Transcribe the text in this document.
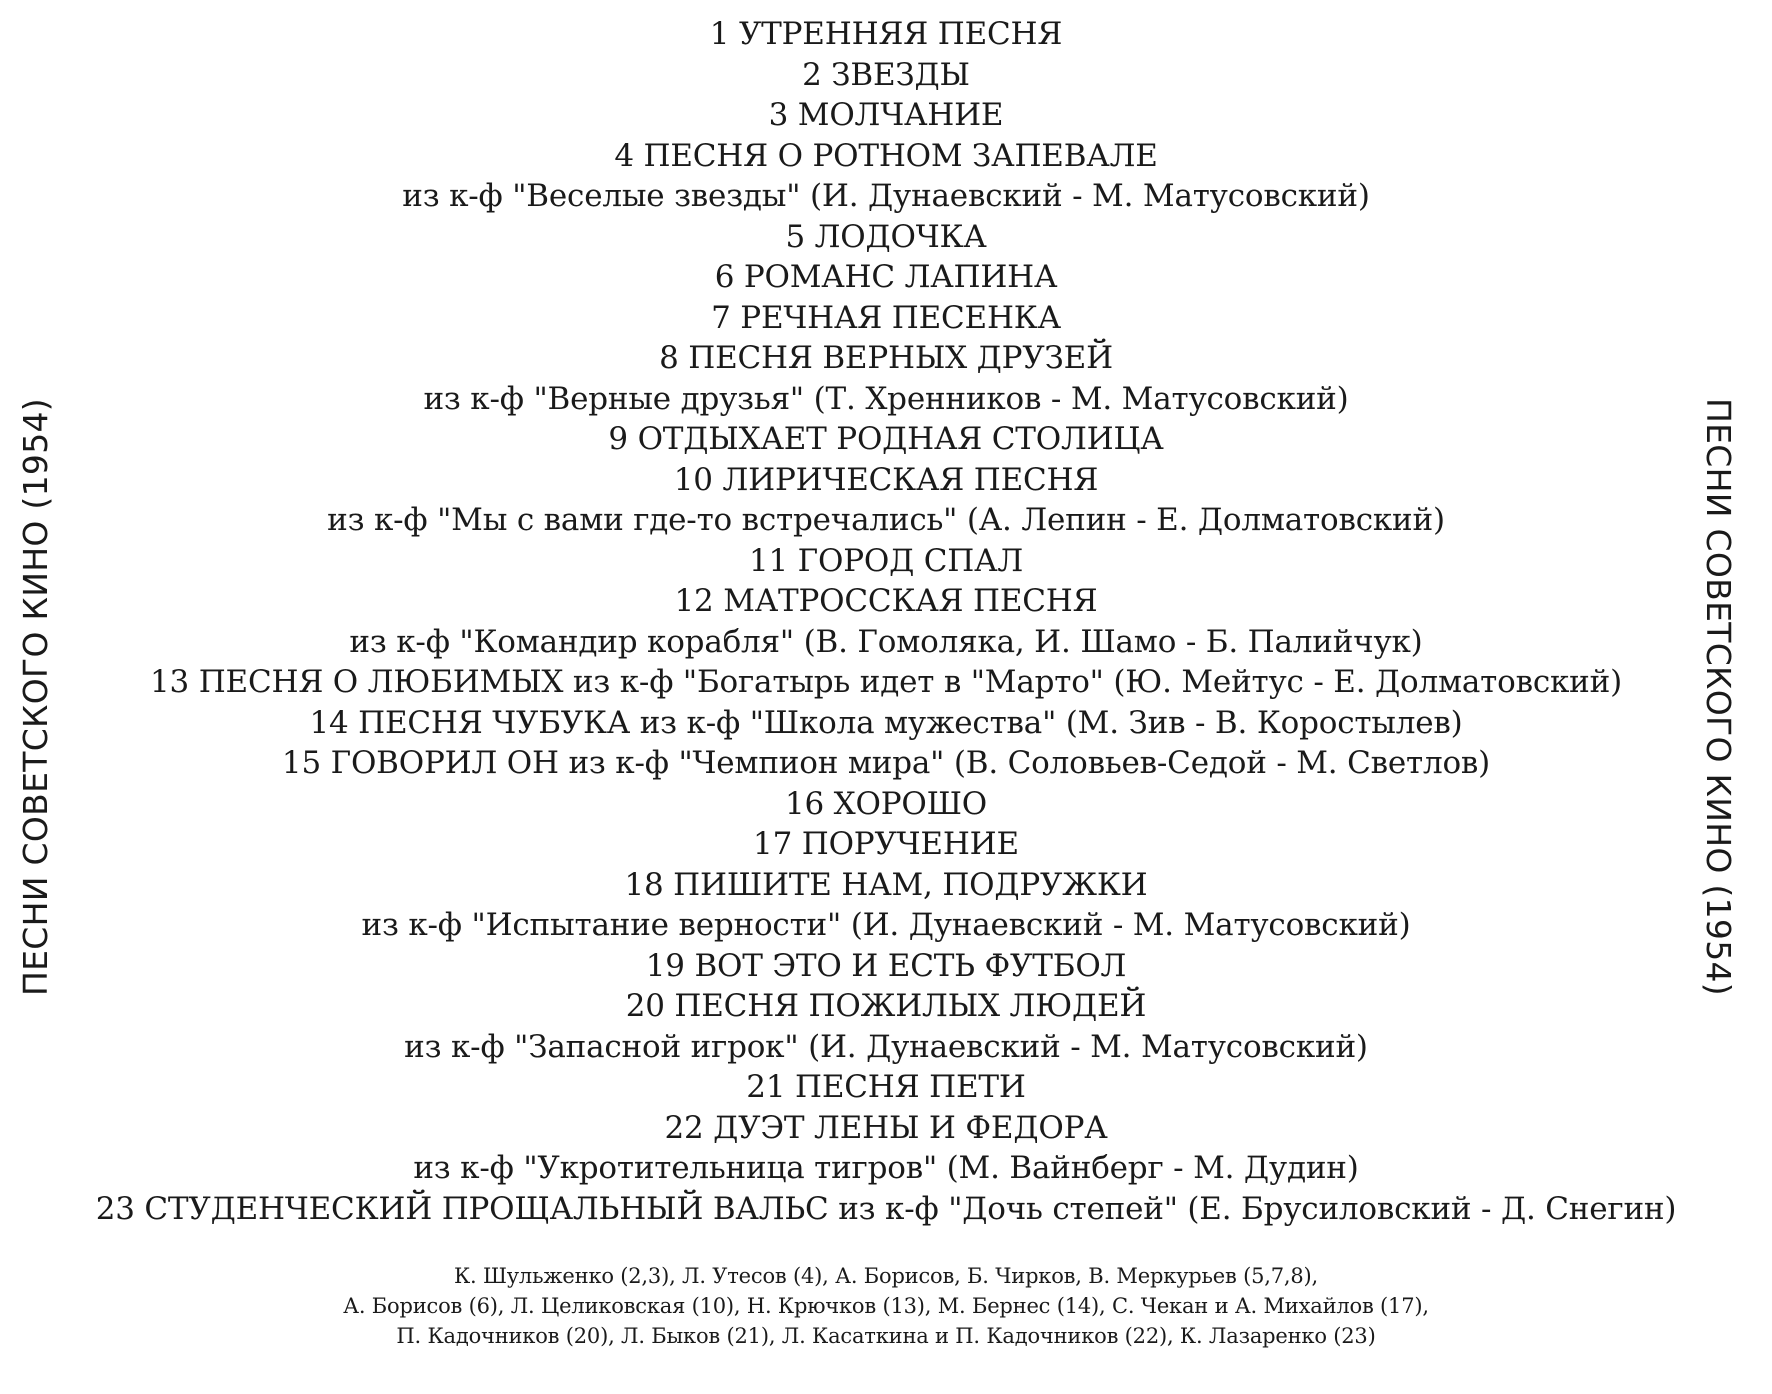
ПЕСНИ СОВЕТСКОГО КИНО (1954)	ПЕСНИ СОВЕТСКОГО КИНО (1954)
1 УТРЕННЯЯ ПЕСНЯ
2 ЗВЕЗДЫ
3 МОЛЧАНИЕ
4 ПЕСНЯ О РОТНОМ ЗАПЕВАЛЕ
из к-ф "Веселые звезды" (И. Дунаевский - М. Матусовский)
5 ЛОДОЧКА
6 РОМАНС ЛАПИНА
7 РЕЧНАЯ ПЕСЕНКА
8 ПЕСНЯ ВЕРНЫХ ДРУЗЕЙ
из к-ф "Верные друзья" (Т. Хренников - М. Матусовский)
9 ОТДЫХАЕТ РОДНАЯ СТОЛИЦА
10 ЛИРИЧЕСКАЯ ПЕСНЯ
из к-ф "Мы с вами где-то встречались" (А. Лепин - Е. Долматовский)
11 ГОРОД СПАЛ
12 МАТРОССКАЯ ПЕСНЯ
из к-ф "Командир корабля" (В. Гомоляка, И. Шамо - Б. Палийчук)
13 ПЕСНЯ О ЛЮБИМЫХ из к-ф "Богатырь идет в "Марто" (Ю. Мейтус - Е. Долматовский)
14 ПЕСНЯ ЧУБУКА из к-ф "Школа мужества" (М. Зив - В. Коростылев)
15 ГОВОРИЛ ОН из к-ф "Чемпион мира" (В. Соловьев-Седой - М. Светлов)
16 ХОРОШО
17 ПОРУЧЕНИЕ
18 ПИШИТЕ НАМ, ПОДРУЖКИ
из к-ф "Испытание верности" (И. Дунаевский - М. Матусовский)
19 ВОТ ЭТО И ЕСТЬ ФУТБОЛ
20 ПЕСНЯ ПОЖИЛЫХ ЛЮДЕЙ
из к-ф "Запасной игрок" (И. Дунаевский - М. Матусовский)
21 ПЕСНЯ ПЕТИ
22 ДУЭТ ЛЕНЫ И ФЕДОРА
из к-ф "Укротительница тигров" (М. Вайнберг - М. Дудин)
23 СТУДЕНЧЕСКИЙ ПРОЩАЛЬНЫЙ ВАЛЬС из к-ф "Дочь степей" (Е. Брусиловский - Д. Снегин)
К. Шульженко (2,3), Л. Утесов (4), А. Борисов, Б. Чирков, В. Меркурьев (5,7,8),
А. Борисов (6), Л. Целиковская (10), Н. Крючков (13), М. Бернес (14), С. Чекан и А. Михайлов (17),
П. Кадочников (20), Л. Быков (21), Л. Касаткина и П. Кадочников (22), К. Лазаренко (23)
